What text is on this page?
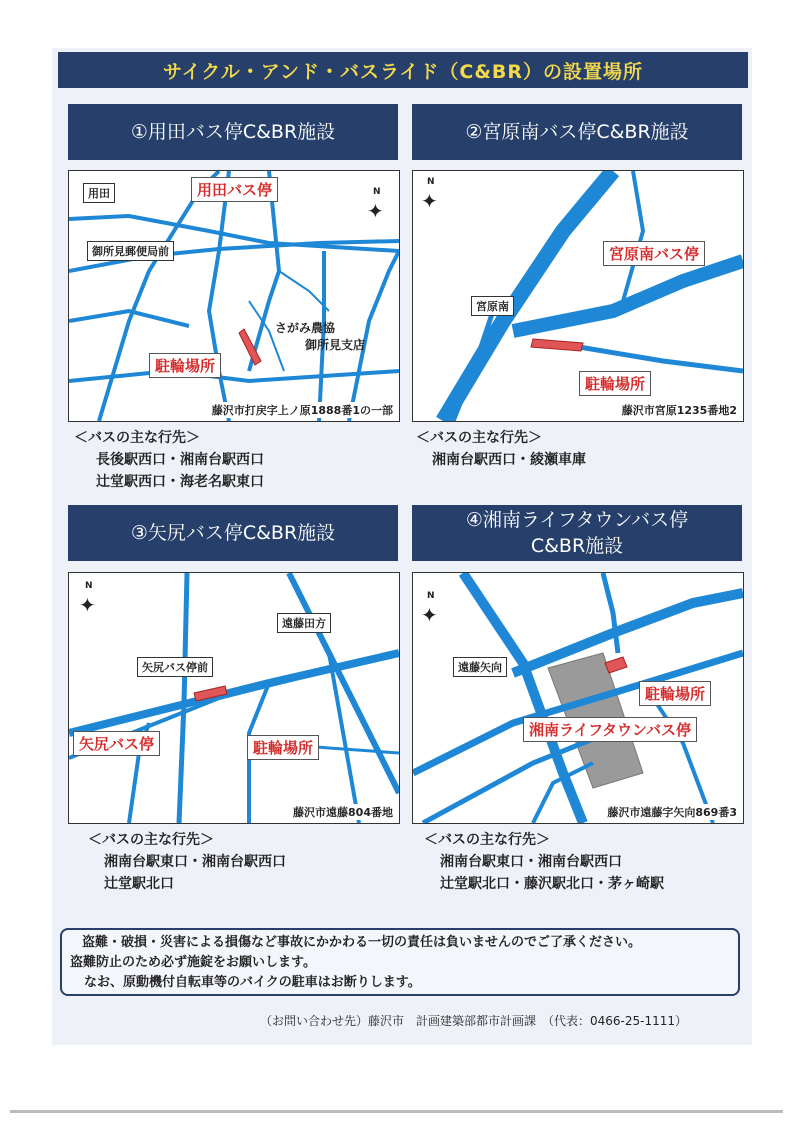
サイクル・アンド・バスライド（C&BR）の設置場所
①用田バス停C&BR施設
用田	用田バス停
御所見郵便局前
さがみ農協
御所見支店
駐輪場所
N
✦
藤沢市打戻字上ノ原1888番1の一部
＜バスの主な行先＞
長後駅西口・湘南台駅西口
辻堂駅西口・海老名駅東口
②宮原南バス停C&BR施設
N
✦
宮原南バス停
宮原南
駐輪場所
藤沢市宮原1235番地2
＜バスの主な行先＞
湘南台駅西口・綾瀬車庫
③矢尻バス停C&BR施設
N
✦
遠藤田方
矢尻バス停前
矢尻バス停	駐輪場所
藤沢市遠藤804番地
＜バスの主な行先＞
湘南台駅東口・湘南台駅西口
辻堂駅北口
④湘南ライフタウンバス停
C&BR施設
N
✦
遠藤矢向
駐輪場所
湘南ライフタウンバス停
藤沢市遠藤字矢向869番3
＜バスの主な行先＞
湘南台駅東口・湘南台駅西口
辻堂駅北口・藤沢駅北口・茅ヶ崎駅
盗難・破損・災害による損傷など事故にかかわる一切の責任は負いませんのでご了承ください。
盗難防止のため必ず施錠をお願いします。
なお、原動機付自転車等のバイクの駐車はお断りします。
（お問い合わせ先）藤沢市　計画建築部都市計画課　（代表：0466-25-1111）
